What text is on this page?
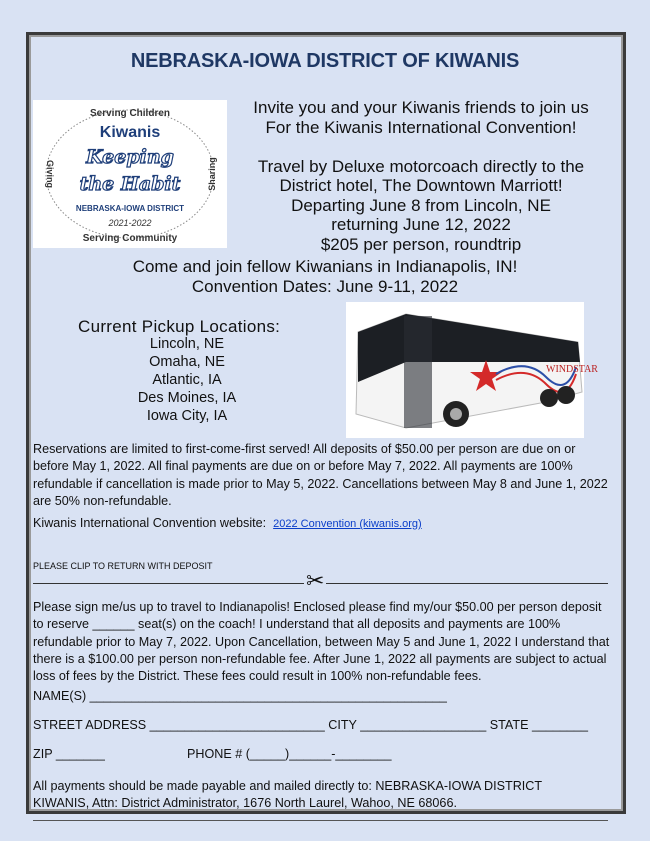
NEBRASKA-IOWA DISTRICT OF KIWANIS
Serving Children
Kiwanis
Keeping
the Habit
NEBRASKA-IOWA DISTRICT
2021-2022
Serving Community
Giving	Sharing
Invite you and your Kiwanis friends to join us
For the Kiwanis International Convention!
Travel by Deluxe motorcoach directly to the
District hotel, The Downtown Marriott!
Departing June 8 from Lincoln, NE
returning June 12, 2022
$205 per person, roundtrip
Come and join fellow Kiwanians in Indianapolis, IN!
Convention Dates: June 9-11, 2022
Current Pickup Locations:
Lincoln, NE
Omaha, NE
Atlantic, IA
Des Moines, IA
Iowa City, IA
WINDSTAR
Reservations are limited to first-come-first served! All deposits of $50.00 per person are due on or before May 1, 2022. All final payments are due on or before May 7, 2022. All payments are 100% refundable if cancellation is made prior to May 5, 2022. Cancellations between May 8 and June 1, 2022 are 50% non-refundable.
Kiwanis International Convention website: 2022 Convention (kiwanis.org)
PLEASE CLIP TO RETURN WITH DEPOSIT
✂
Please sign me/us up to travel to Indianapolis! Enclosed please find my/our $50.00 per person deposit to reserve ______ seat(s) on the coach! I understand that all deposits and payments are 100% refundable prior to May 7, 2022. Upon Cancellation, between May 5 and June 1, 2022 I understand that there is a $100.00 per person non-refundable fee. After June 1, 2022 all payments are subject to actual loss of fees by the District. These fees could result in 100% non-refundable fees.
NAME(S) ___________________________________________________
STREET ADDRESS _________________________ CITY __________________ STATE ________
ZIP _______	PHONE # (_____)______-________
All payments should be made payable and mailed directly to: NEBRASKA-IOWA DISTRICT KIWANIS, Attn: District Administrator, 1676 North Laurel, Wahoo, NE 68066.
